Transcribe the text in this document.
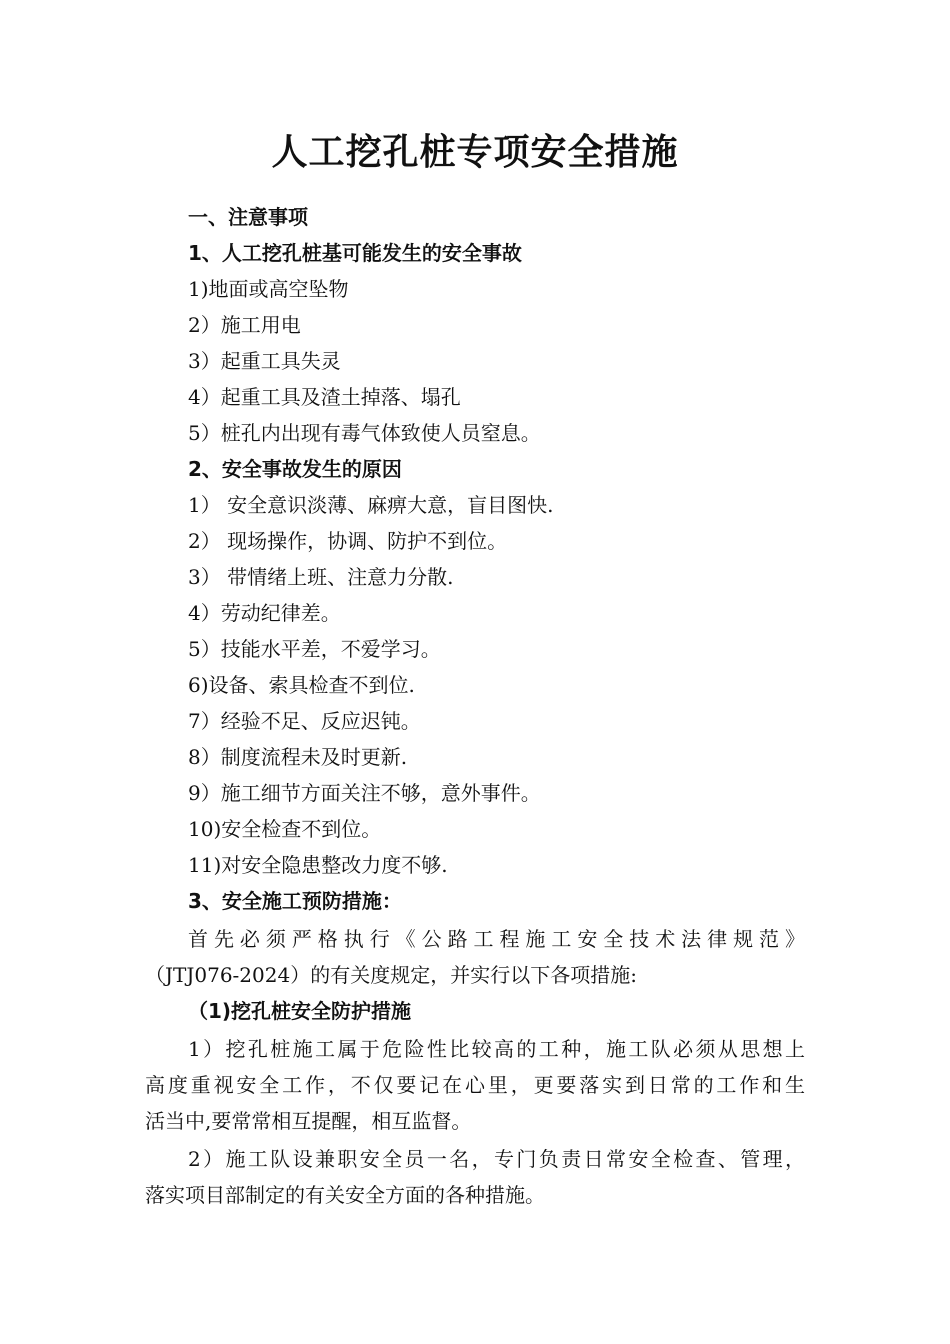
人工挖孔桩专项安全措施
一、注意事项
1、人工挖孔桩基可能发生的安全事故
1)地面或高空坠物
2）施工用电
3）起重工具失灵
4）起重工具及渣土掉落、塌孔
5）桩孔内出现有毒气体致使人员窒息。
2、安全事故发生的原因
1） 安全意识淡薄、麻痹大意，盲目图快.
2） 现场操作，协调、防护不到位。
3） 带情绪上班、注意力分散.
4）劳动纪律差。
5）技能水平差，不爱学习。
6)设备、索具检查不到位.
7）经验不足、反应迟钝。
8）制度流程未及时更新.
9）施工细节方面关注不够，意外事件。
10)安全检查不到位。
11)对安全隐患整改力度不够.
3、安全施工预防措施：
首先必须严格执行《公路工程施工安全技术法律规范》
（JTJ076-2024）的有关度规定，并实行以下各项措施:
（1)挖孔桩安全防护措施
1）挖孔桩施工属于危险性比较高的工种，施工队必须从思想上
高度重视安全工作，不仅要记在心里，更要落实到日常的工作和生
活当中,要常常相互提醒，相互监督。
2）施工队设兼职安全员一名，专门负责日常安全检查、管理，
落实项目部制定的有关安全方面的各种措施。
